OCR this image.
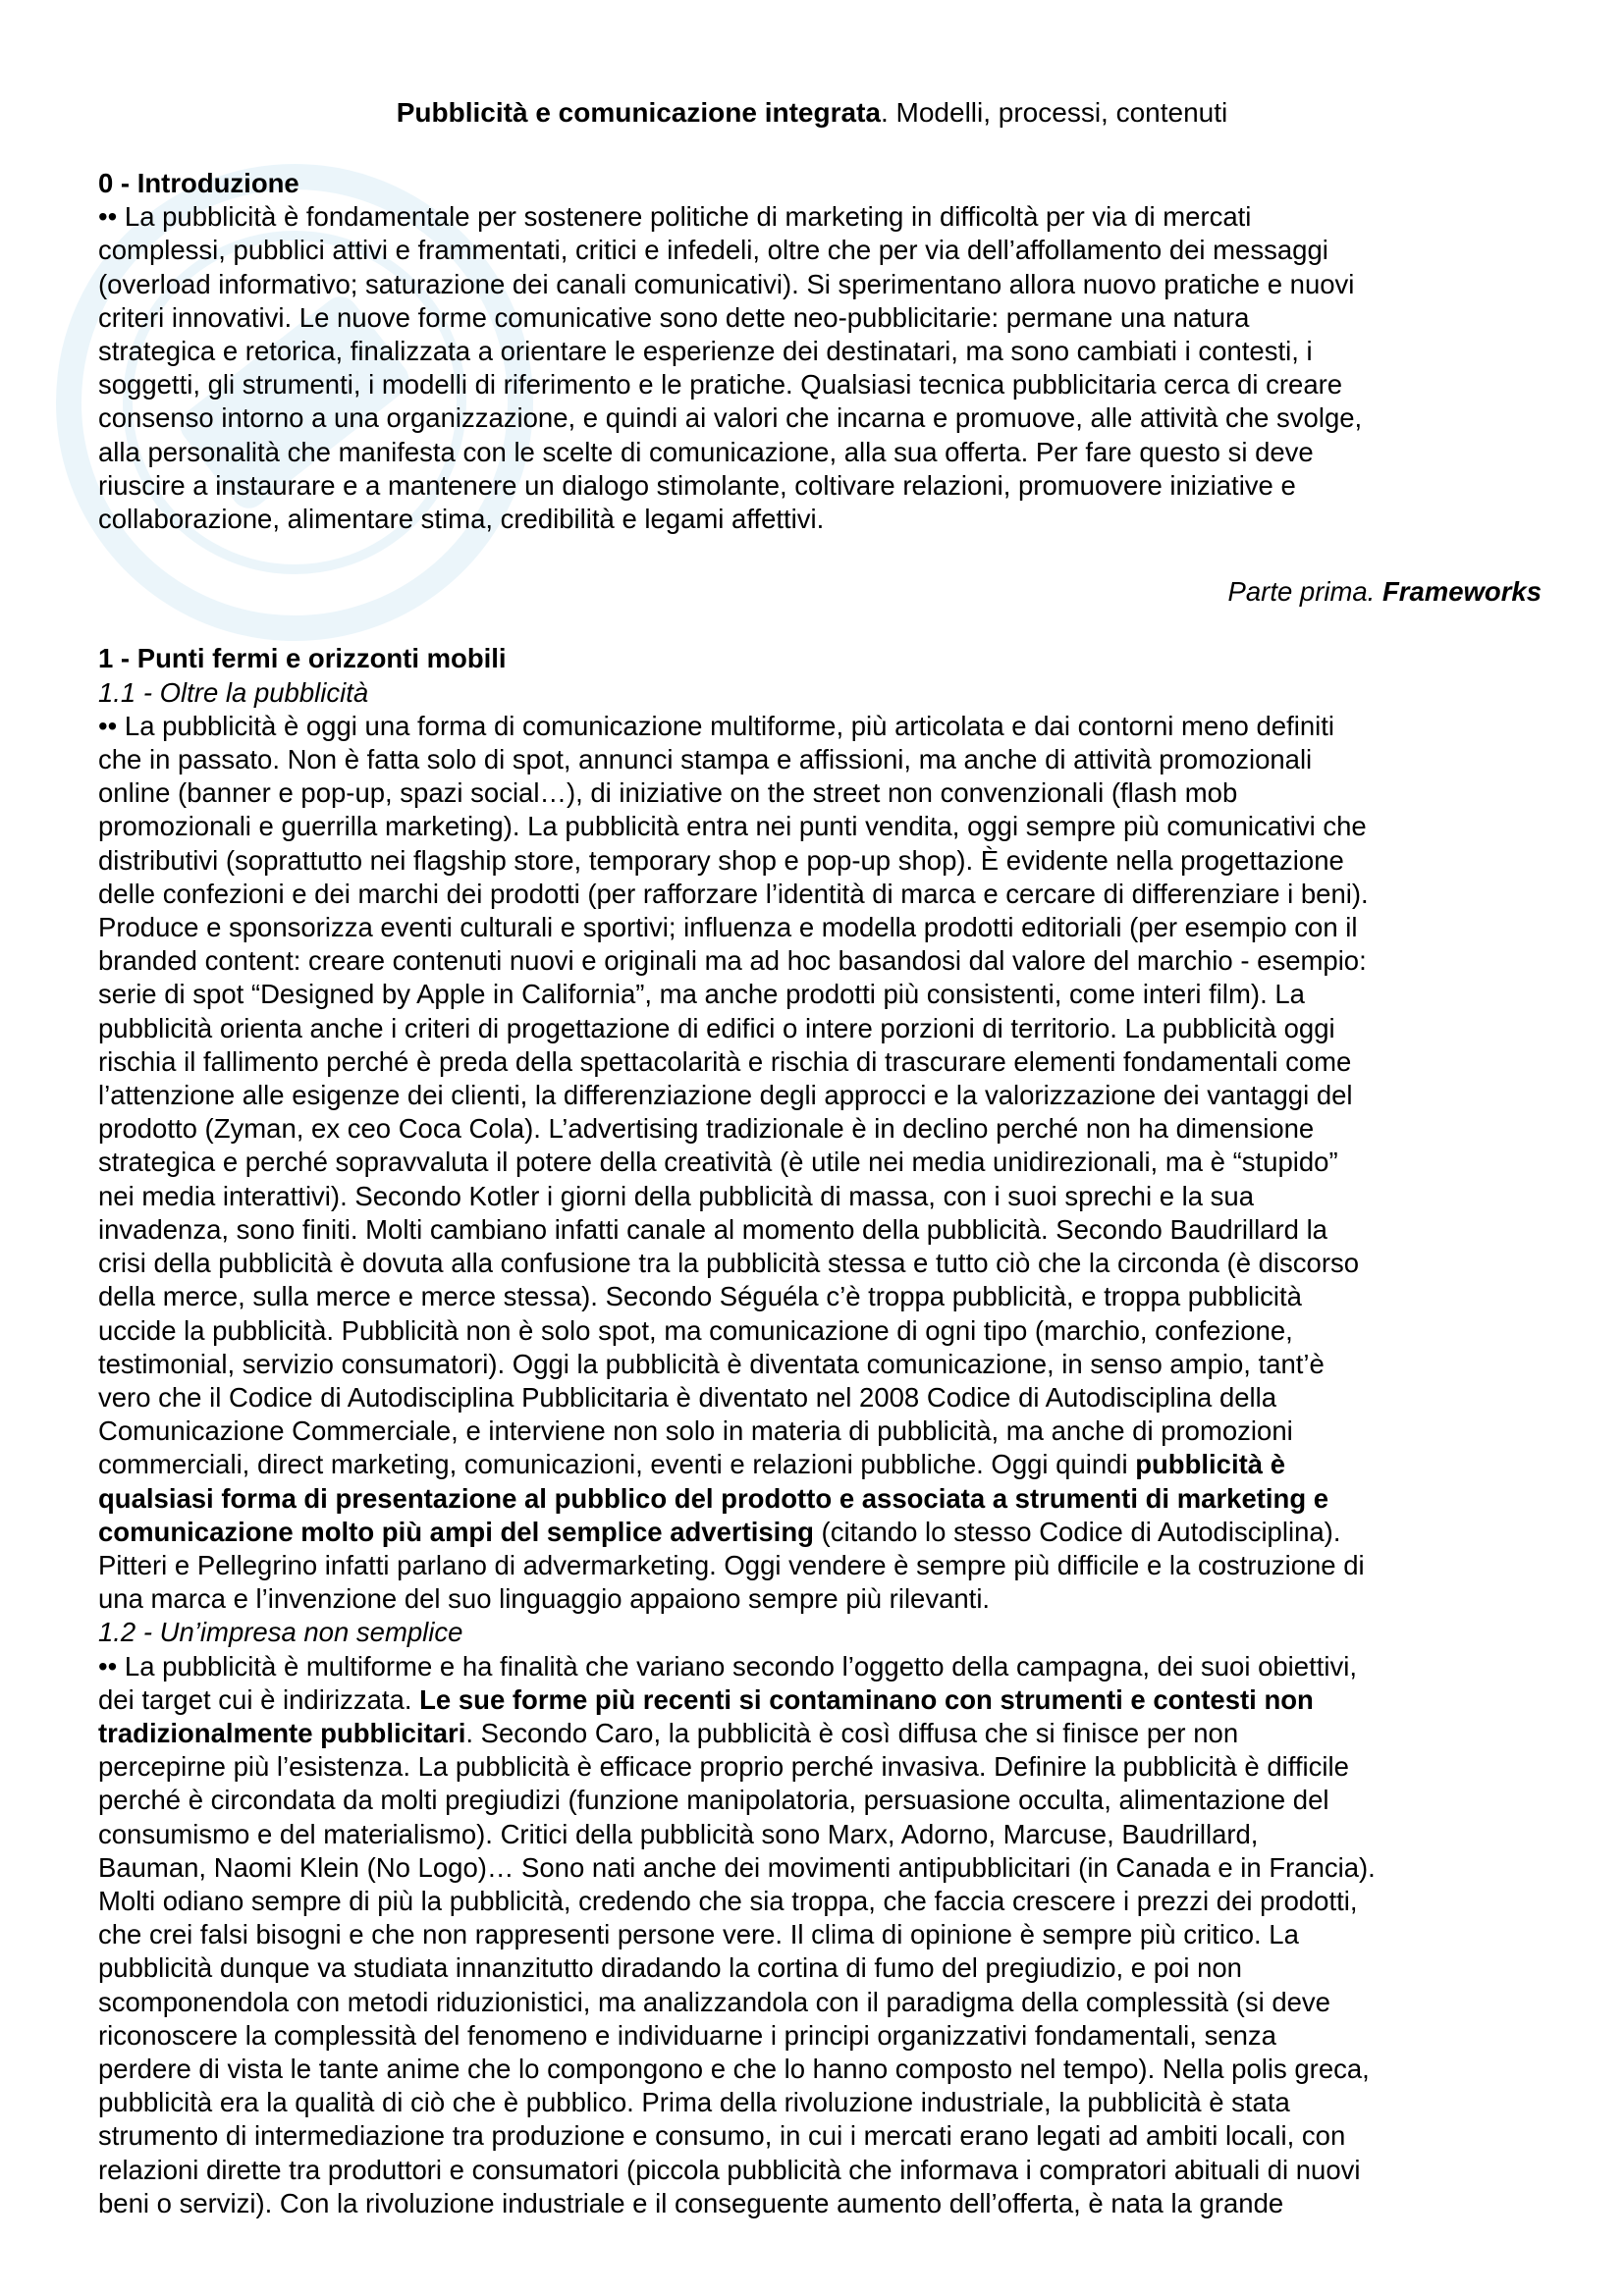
Pubblicità e comunicazione integrata. Modelli, processi, contenuti

0 - Introduzione

•• La pubblicità è fondamentale per sostenere politiche di marketing in difficoltà per via di mercati

complessi, pubblici attivi e frammentati, critici e infedeli, oltre che per via dell’affollamento dei messaggi

(overload informativo; saturazione dei canali comunicativi). Si sperimentano allora nuovo pratiche e nuovi

criteri innovativi. Le nuove forme comunicative sono dette neo-pubblicitarie: permane una natura

strategica e retorica, finalizzata a orientare le esperienze dei destinatari, ma sono cambiati i contesti, i

soggetti, gli strumenti, i modelli di riferimento e le pratiche. Qualsiasi tecnica pubblicitaria cerca di creare

consenso intorno a una organizzazione, e quindi ai valori che incarna e promuove, alle attività che svolge,

alla personalità che manifesta con le scelte di comunicazione, alla sua offerta. Per fare questo si deve

riuscire a instaurare e a mantenere un dialogo stimolante, coltivare relazioni, promuovere iniziative e

collaborazione, alimentare stima, credibilità e legami affettivi.

Parte prima. Frameworks

1 - Punti fermi e orizzonti mobili

1.1 - Oltre la pubblicità

•• La pubblicità è oggi una forma di comunicazione multiforme, più articolata e dai contorni meno definiti

che in passato. Non è fatta solo di spot, annunci stampa e affissioni, ma anche di attività promozionali

online (banner e pop-up, spazi social…), di iniziative on the street non convenzionali (flash mob

promozionali e guerrilla marketing). La pubblicità entra nei punti vendita, oggi sempre più comunicativi che

distributivi (soprattutto nei flagship store, temporary shop e pop-up shop). È evidente nella progettazione

delle confezioni e dei marchi dei prodotti (per rafforzare l’identità di marca e cercare di differenziare i beni).

Produce e sponsorizza eventi culturali e sportivi; influenza e modella prodotti editoriali (per esempio con il

branded content: creare contenuti nuovi e originali ma ad hoc basandosi dal valore del marchio - esempio:

serie di spot “Designed by Apple in California”, ma anche prodotti più consistenti, come interi film). La

pubblicità orienta anche i criteri di progettazione di edifici o intere porzioni di territorio. La pubblicità oggi

rischia il fallimento perché è preda della spettacolarità e rischia di trascurare elementi fondamentali come

l’attenzione alle esigenze dei clienti, la differenziazione degli approcci e la valorizzazione dei vantaggi del

prodotto (Zyman, ex ceo Coca Cola). L’advertising tradizionale è in declino perché non ha dimensione

strategica e perché sopravvaluta il potere della creatività (è utile nei media unidirezionali, ma è “stupido”

nei media interattivi). Secondo Kotler i giorni della pubblicità di massa, con i suoi sprechi e la sua

invadenza, sono finiti. Molti cambiano infatti canale al momento della pubblicità. Secondo Baudrillard la

crisi della pubblicità è dovuta alla confusione tra la pubblicità stessa e tutto ciò che la circonda (è discorso

della merce, sulla merce e merce stessa). Secondo Séguéla c’è troppa pubblicità, e troppa pubblicità

uccide la pubblicità. Pubblicità non è solo spot, ma comunicazione di ogni tipo (marchio, confezione,

testimonial, servizio consumatori). Oggi la pubblicità è diventata comunicazione, in senso ampio, tant’è

vero che il Codice di Autodisciplina Pubblicitaria è diventato nel 2008 Codice di Autodisciplina della

Comunicazione Commerciale, e interviene non solo in materia di pubblicità, ma anche di promozioni

commerciali, direct marketing, comunicazioni, eventi e relazioni pubbliche. Oggi quindi pubblicità è

qualsiasi forma di presentazione al pubblico del prodotto e associata a strumenti di marketing e

comunicazione molto più ampi del semplice advertising (citando lo stesso Codice di Autodisciplina).

Pitteri e Pellegrino infatti parlano di advermarketing. Oggi vendere è sempre più difficile e la costruzione di

una marca e l’invenzione del suo linguaggio appaiono sempre più rilevanti.

1.2 - Un’impresa non semplice

•• La pubblicità è multiforme e ha finalità che variano secondo l’oggetto della campagna, dei suoi obiettivi,

dei target cui è indirizzata. Le sue forme più recenti si contaminano con strumenti e contesti non

tradizionalmente pubblicitari. Secondo Caro, la pubblicità è così diffusa che si finisce per non

percepirne più l’esistenza. La pubblicità è efficace proprio perché invasiva. Definire la pubblicità è difficile

perché è circondata da molti pregiudizi (funzione manipolatoria, persuasione occulta, alimentazione del

consumismo e del materialismo). Critici della pubblicità sono Marx, Adorno, Marcuse, Baudrillard,

Bauman, Naomi Klein (No Logo)… Sono nati anche dei movimenti antipubblicitari (in Canada e in Francia).

Molti odiano sempre di più la pubblicità, credendo che sia troppa, che faccia crescere i prezzi dei prodotti,

che crei falsi bisogni e che non rappresenti persone vere. Il clima di opinione è sempre più critico. La

pubblicità dunque va studiata innanzitutto diradando la cortina di fumo del pregiudizio, e poi non

scomponendola con metodi riduzionistici, ma analizzandola con il paradigma della complessità (si deve

riconoscere la complessità del fenomeno e individuarne i principi organizzativi fondamentali, senza

perdere di vista le tante anime che lo compongono e che lo hanno composto nel tempo). Nella polis greca,

pubblicità era la qualità di ciò che è pubblico. Prima della rivoluzione industriale, la pubblicità è stata

strumento di intermediazione tra produzione e consumo, in cui i mercati erano legati ad ambiti locali, con

relazioni dirette tra produttori e consumatori (piccola pubblicità che informava i compratori abituali di nuovi

beni o servizi). Con la rivoluzione industriale e il conseguente aumento dell’offerta, è nata la grande
